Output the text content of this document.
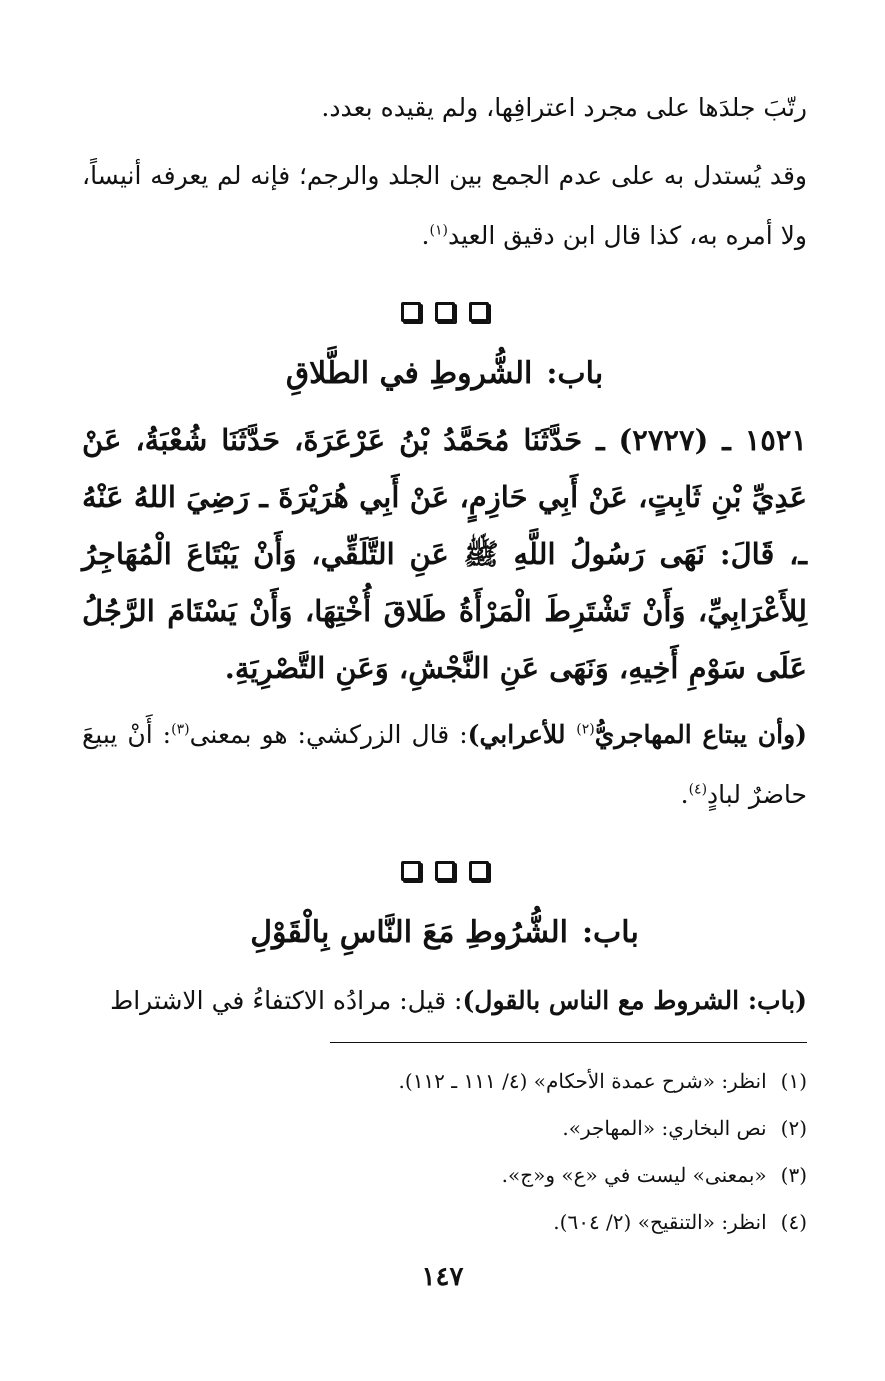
رتّبَ جلدَها على مجرد اعترافِها، ولم يقيده بعدد.

وقد يُستدل به على عدم الجمع بين الجلد والرجم؛ فإنه لم يعرفه أنيساً، ولا أمره به، كذا قال ابن دقيق العيد$^{(١)}$.

باب:الشُّروطِ في الطَّلاقِ

١٥٢١ ـ (٢٧٢٧) ـ حَدَّثَنَا مُحَمَّدُ بْنُ عَرْعَرَةَ، حَدَّثَنَا شُعْبَةُ، عَنْ عَدِيِّ بْنِ ثَابِتٍ، عَنْ أَبِي حَازِمٍ، عَنْ أَبِي هُرَيْرَةَ ـ رَضِيَ اللهُ عَنْهُ ـ، قَالَ: نَهَى رَسُولُ اللَّهِ ﷺ عَنِ التَّلَقِّي، وَأَنْ يَبْتَاعَ الْمُهَاجِرُ لِلأَعْرَابِيِّ، وَأَنْ تَشْتَرِطَ الْمَرْأَةُ طَلاقَ أُخْتِهَا، وَأَنْ يَسْتَامَ الرَّجُلُ عَلَى سَوْمِ أَخِيهِ، وَنَهَى عَنِ النَّجْشِ، وَعَنِ التَّصْرِيَةِ.

(وأن يبتاع المهاجريُّ$^{(٢)}$ للأعرابي): قال الزركشي: هو بمعنى$^{(٣)}$: أَنْ يبيعَ حاضرٌ لبادٍ$^{(٤)}$.

باب:الشُّرُوطِ مَعَ النَّاسِ بِالْقَوْلِ

(باب: الشروط مع الناس بالقول): قيل: مرادُه الاكتفاءُ في الاشتراط

(١)انظر: «شرح عمدة الأحكام» (٤/ ١١١ ـ ١١٢).

(٢)نص البخاري: «المهاجر».

(٣)«بمعنى» ليست في «ع» و«ج».

(٤)انظر: «التنقيح» (٢/ ٦٠٤).

١٤٧
